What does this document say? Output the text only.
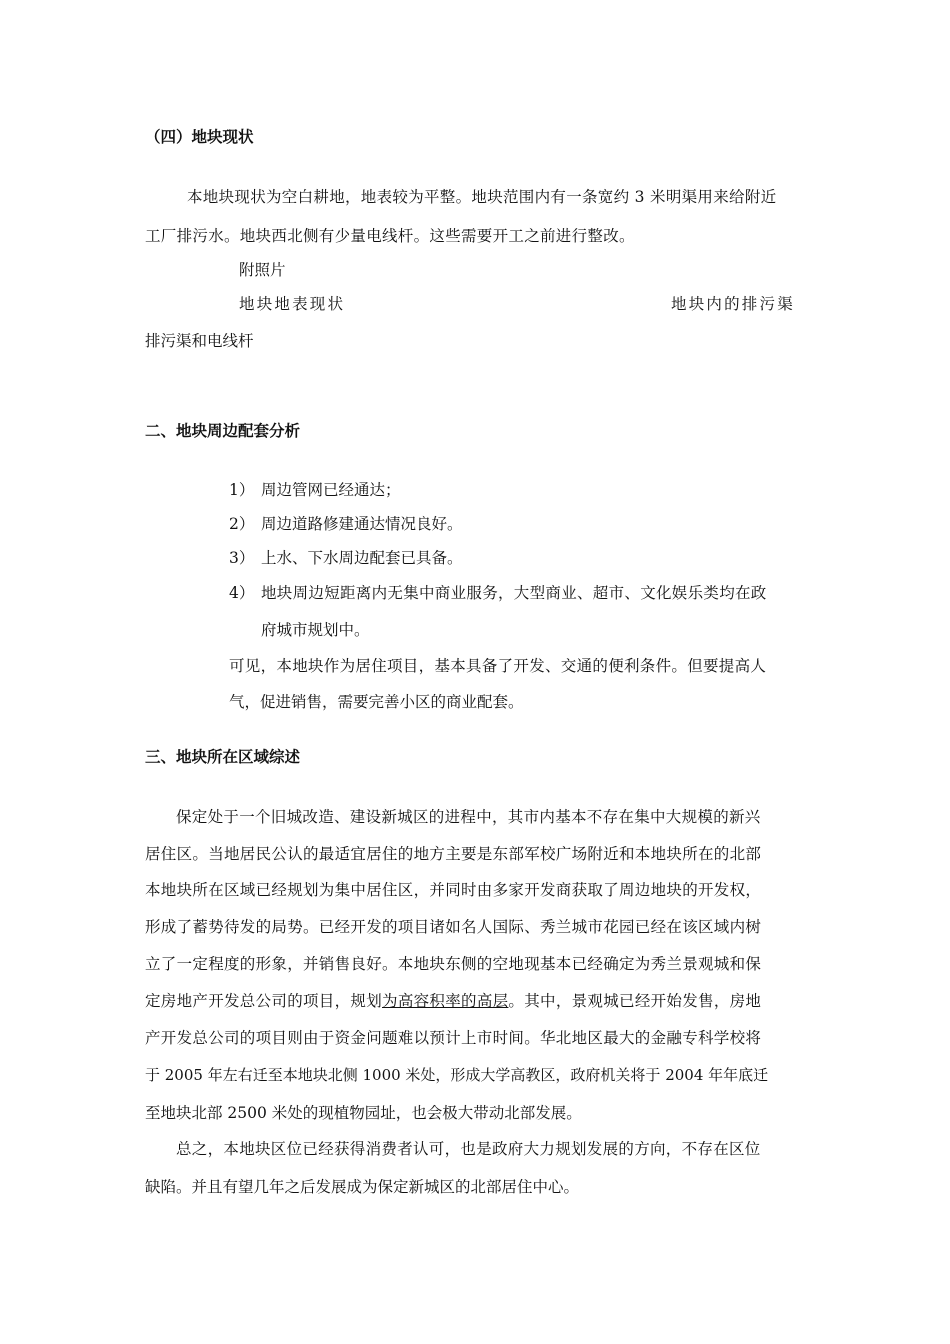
（四）地块现状
本地块现状为空白耕地，地表较为平整。地块范围内有一条宽约 3 米明渠用来给附近
工厂排污水。地块西北侧有少量电线杆。这些需要开工之前进行整改。
附照片
地块地表现状	地块内的排污渠
排污渠和电线杆
二、地块周边配套分析
1） 周边管网已经通达；
2） 周边道路修建通达情况良好。
3） 上水、下水周边配套已具备。
4） 地块周边短距离内无集中商业服务，大型商业、超市、文化娱乐类均在政
府城市规划中。
可见，本地块作为居住项目，基本具备了开发、交通的便利条件。但要提高人
气，促进销售，需要完善小区的商业配套。
三、地块所在区域综述
保定处于一个旧城改造、建设新城区的进程中，其市内基本不存在集中大规模的新兴
居住区。当地居民公认的最适宜居住的地方主要是东部军校广场附近和本地块所在的北部
本地块所在区域已经规划为集中居住区，并同时由多家开发商获取了周边地块的开发权，
形成了蓄势待发的局势。已经开发的项目诸如名人国际、秀兰城市花园已经在该区域内树
立了一定程度的形象，并销售良好。本地块东侧的空地现基本已经确定为秀兰景观城和保
定房地产开发总公司的项目，规划为高容积率的高层。其中，景观城已经开始发售，房地
产开发总公司的项目则由于资金问题难以预计上市时间。华北地区最大的金融专科学校将
于 2005 年左右迁至本地块北侧 1000 米处，形成大学高教区，政府机关将于 2004 年年底迁
至地块北部 2500 米处的现植物园址，也会极大带动北部发展。
总之，本地块区位已经获得消费者认可，也是政府大力规划发展的方向，不存在区位
缺陷。并且有望几年之后发展成为保定新城区的北部居住中心。
